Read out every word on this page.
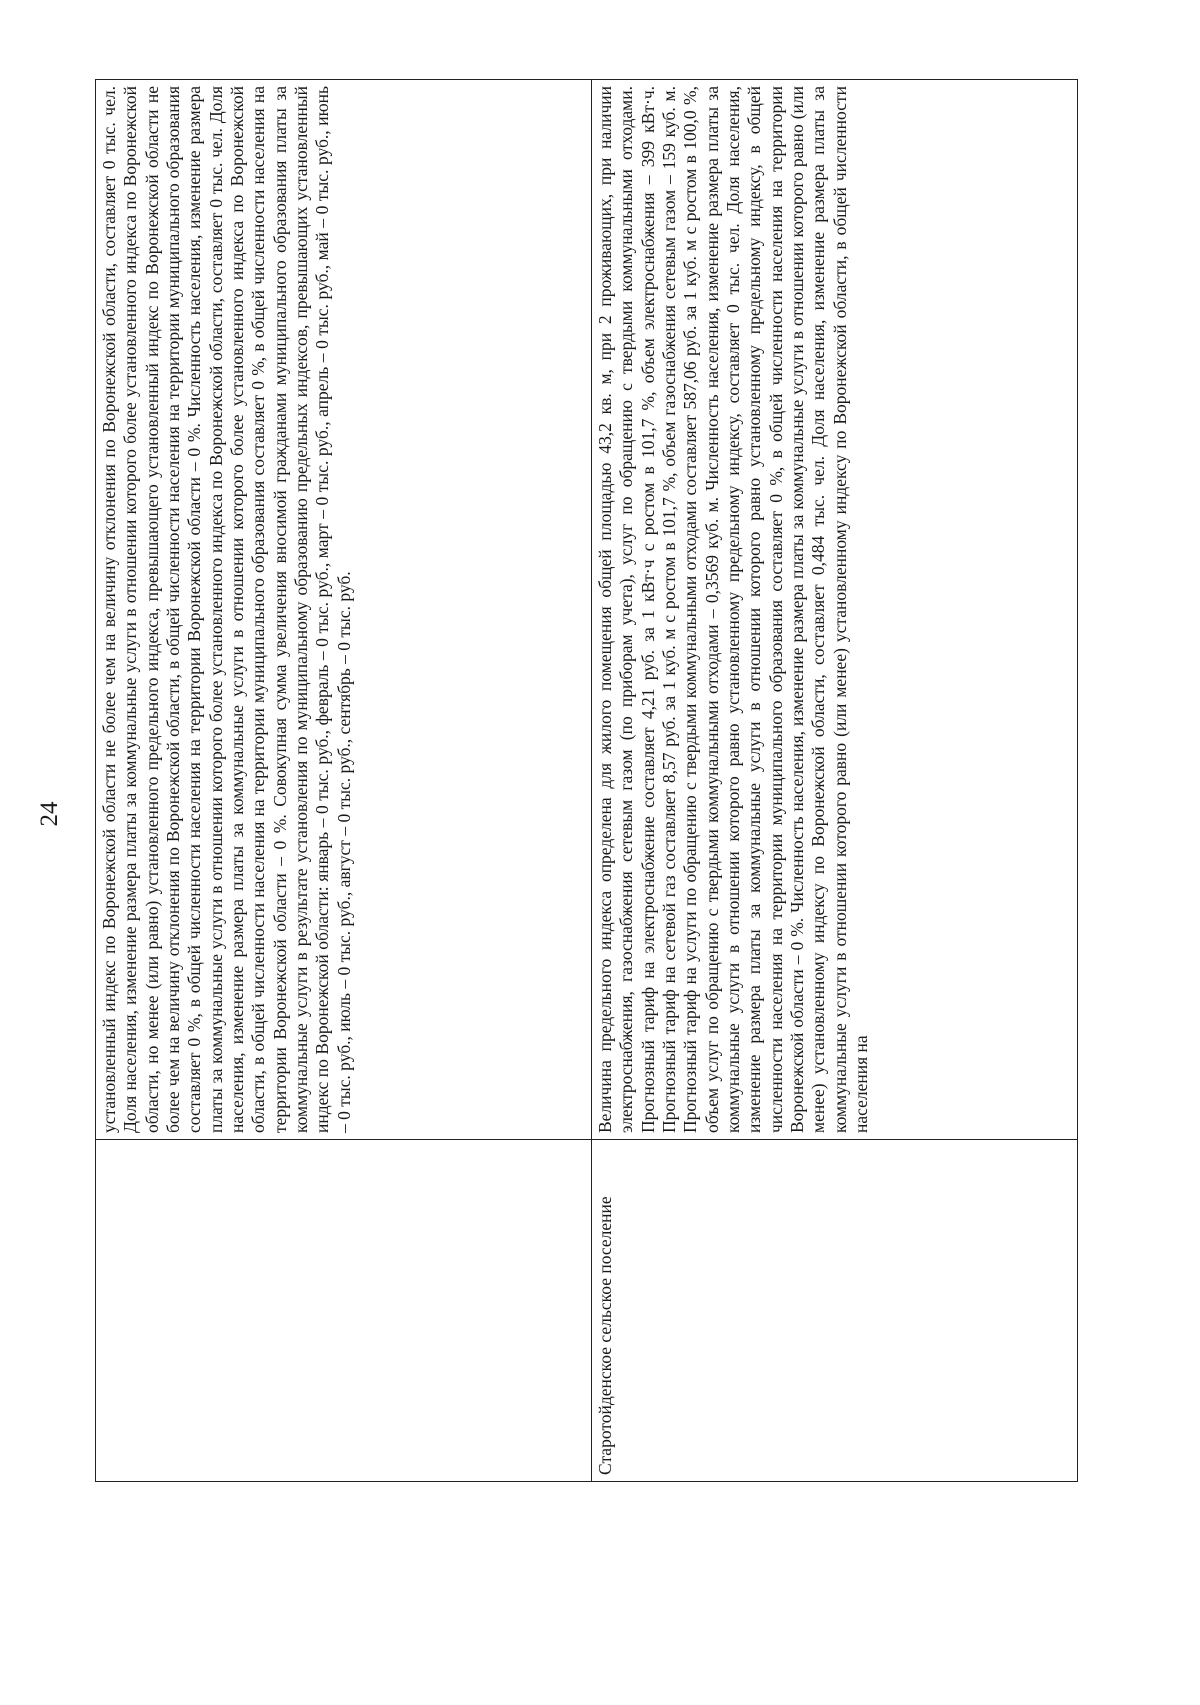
24
	установленный индекс по Воронежской области не более чем на величину отклонения по Воронежской области, составляет 0 тыс. чел. Доля населения, изменение размера платы за коммунальные услуги в отношении которого более установленного индекса по Воронежской области, но менее (или равно) установленного предельного индекса, превышающего установленный индекс по Воронежской области не более чем на величину отклонения по Воронежской области, в общей численности населения на территории муниципального образования составляет 0 %, в общей численности населения на территории Воронежской области – 0 %. Численность населения, изменение размера платы за коммунальные услуги в отношении которого более установленного индекса по Воронежской области, составляет 0 тыс. чел. Доля населения, изменение размера платы за коммунальные услуги в отношении которого более установленного индекса по Воронежской области, в общей численности населения на территории муниципального образования составляет 0 %, в общей численности населения на территории Воронежской области – 0 %. Совокупная сумма увеличения вносимой гражданами муниципального образования платы за коммунальные услуги в результате установления по муниципальному образованию предельных индексов, превышающих установленный индекс по Воронежской области: январь – 0 тыс. руб., февраль – 0 тыс. руб., март – 0 тыс. руб., апрель – 0 тыс. руб., май – 0 тыс. руб., июнь – 0 тыс. руб., июль – 0 тыс. руб., август – 0 тыс. руб., сентябрь – 0 тыс. руб.
Старотойденское сельское поселение	Величина предельного индекса определена для жилого помещения общей площадью 43,2 кв. м, при 2 проживающих, при наличии электроснабжения, газоснабжения сетевым газом (по приборам учета), услуг по обращению с твердыми коммунальными отходами. Прогнозный тариф на электроснабжение составляет 4,21 руб. за 1 кВт·ч с ростом в 101,7 %, объем электроснабжения – 399 кВт·ч. Прогнозный тариф на сетевой газ составляет 8,57 руб. за 1 куб. м с ростом в 101,7 %, объем газоснабжения сетевым газом – 159 куб. м. Прогнозный тариф на услуги по обращению с твердыми коммунальными отходами составляет 587,06 руб. за 1 куб. м с ростом в 100,0 %, объем услуг по обращению с твердыми коммунальными отходами – 0,3569 куб. м. Численность населения, изменение размера платы за коммунальные услуги в отношении которого равно установленному предельному индексу, составляет 0 тыс. чел. Доля населения, изменение размера платы за коммунальные услуги в отношении которого равно установленному предельному индексу, в общей численности населения на территории муниципального образования составляет 0 %, в общей численности населения на территории Воронежской области – 0 %. Численность населения, изменение размера платы за коммунальные услуги в отношении которого равно (или менее) установленному индексу по Воронежской области, составляет 0,484 тыс. чел. Доля населения, изменение размера платы за коммунальные услуги в отношении которого равно (или менее) установленному индексу по Воронежской области, в общей численности населения на
